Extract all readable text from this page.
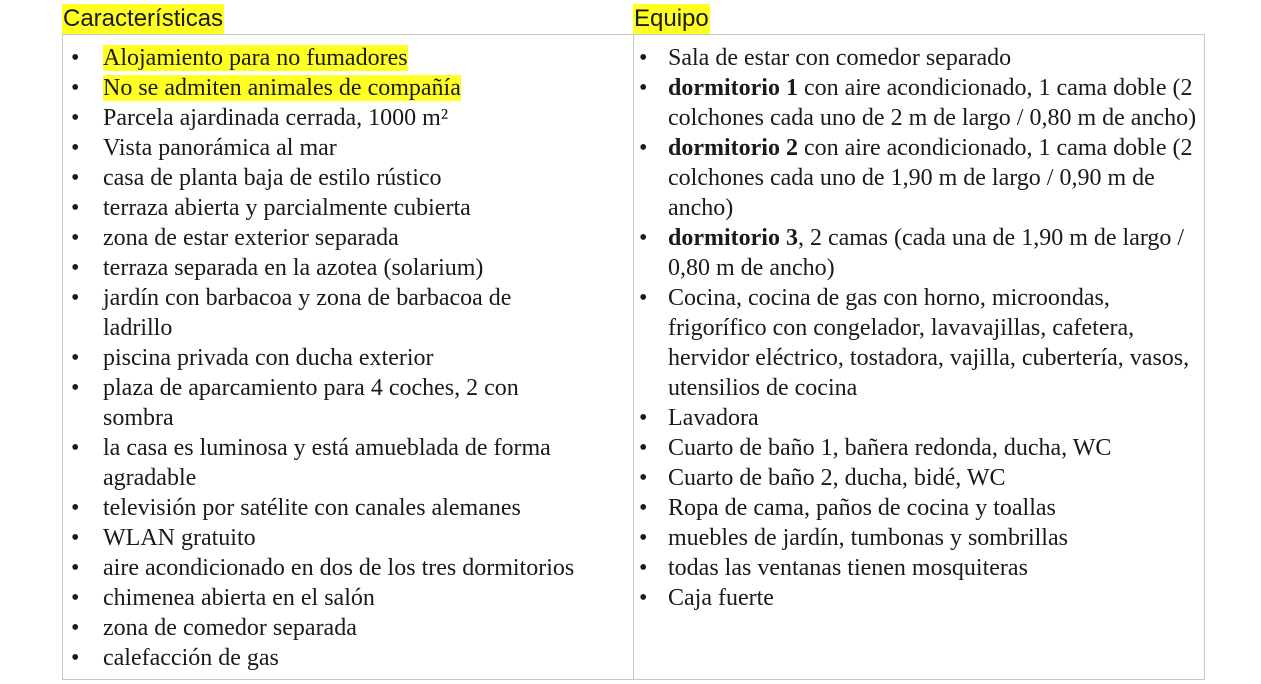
Características	Equipo
• Alojamiento para no fumadores
• No se admiten animales de compañía
• Parcela ajardinada cerrada, 1000 m²
• Vista panorámica al mar
• casa de planta baja de estilo rústico
• terraza abierta y parcialmente cubierta
• zona de estar exterior separada
• terraza separada en la azotea (solarium)
• jardín con barbacoa y zona de barbacoa de ladrillo
• piscina privada con ducha exterior
• plaza de aparcamiento para 4 coches, 2 con sombra
• la casa es luminosa y está amueblada de forma agradable
• televisión por satélite con canales alemanes
• WLAN gratuito
• aire acondicionado en dos de los tres dormitorios
• chimenea abierta en el salón
• zona de comedor separada
• calefacción de gas
• Sala de estar con comedor separado
• dormitorio 1 con aire acondicionado, 1 cama doble (2 colchones cada uno de 2 m de largo / 0,80 m de ancho)
• dormitorio 2 con aire acondicionado, 1 cama doble (2 colchones cada uno de 1,90 m de largo / 0,90 m de ancho)
• dormitorio 3, 2 camas (cada una de 1,90 m de largo / 0,80 m de ancho)
• Cocina, cocina de gas con horno, microondas, frigorífico con congelador, lavavajillas, cafetera, hervidor eléctrico, tostadora, vajilla, cubertería, vasos, utensilios de cocina
• Lavadora
• Cuarto de baño 1, bañera redonda, ducha, WC
• Cuarto de baño 2, ducha, bidé, WC
• Ropa de cama, paños de cocina y toallas
• muebles de jardín, tumbonas y sombrillas
• todas las ventanas tienen mosquiteras
• Caja fuerte
